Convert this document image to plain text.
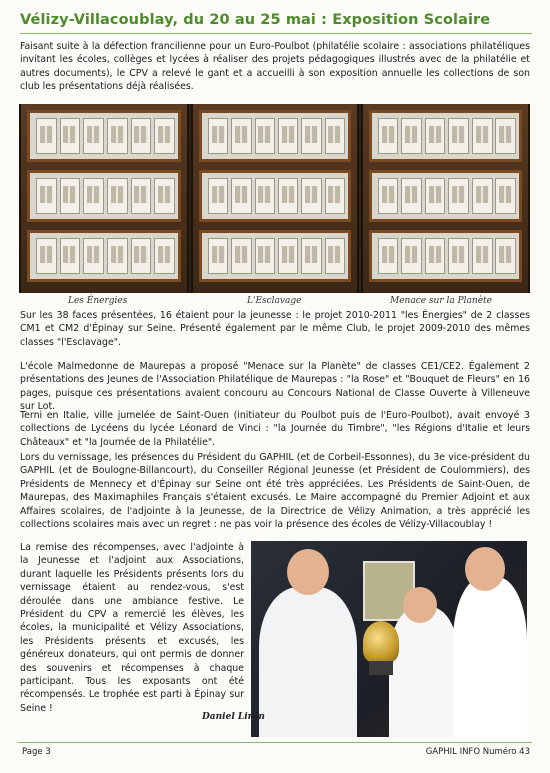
Vélizy-Villacoublay, du 20 au 25 mai : Exposition Scolaire

Faisant suite à la défection francilienne pour un Euro-Poulbot (philatélie scolaire : associations philatéliques invitant les écoles, collèges et lycées à réaliser des projets pédagogiques illustrés avec de la philatélie et autres documents), le CPV a relevé le gant et a accueilli à son exposition annuelle les collections de son club les présentations déjà réalisées.

Les Énergies	L'Esclavage	Menace sur la Planète

Sur les 38 faces présentées, 16 étaient pour la jeunesse : le projet 2010-2011 "les Énergies" de 2 classes CM1 et CM2 d'Épinay sur Seine. Présenté également par le même Club, le projet 2009-2010 des mêmes classes "l'Esclavage".

L'école Malmedonne de Maurepas a proposé "Menace sur la Planète" de classes CE1/CE2. Également 2 présentations des Jeunes de l'Association Philatélique de Maurepas : "la Rose" et "Bouquet de Fleurs" en 16 pages, puisque ces présentations avaient concouru au Concours National de Classe Ouverte à Villeneuve sur Lot.

Terni en Italie, ville jumelée de Saint-Ouen (initiateur du Poulbot puis de l'Euro-Poulbot), avait envoyé 3 collections de Lycéens du lycée Léonard de Vinci : "la Journée du Timbre", "les Régions d'Italie et leurs Châteaux" et "la Journée de la Philatélie".

Lors du vernissage, les présences du Président du GAPHIL (et de Corbeil-Essonnes), du 3e vice-président du GAPHIL (et de Boulogne-Billancourt), du Conseiller Régional Jeunesse (et Président de Coulommiers), des Présidents de Mennecy et d'Épinay sur Seine ont été très appréciées. Les Présidents de Saint-Ouen, de Maurepas, des Maximaphiles Français s'étaient excusés. Le Maire accompagné du Premier Adjoint et aux Affaires scolaires, de l'adjointe à la Jeunesse, de la Directrice de Vélizy Animation, a très apprécié les collections scolaires mais avec un regret : ne pas voir la présence des écoles de Vélizy-Villacoublay !

La remise des récompenses, avec l'adjointe à la Jeunesse et l'adjoint aux Associations, durant laquelle les Présidents présents lors du vernissage étaient au rendez-vous, s'est déroulée dans une ambiance festive. Le Président du CPV a remercié les élèves, les écoles, la municipalité et Vélizy Associations, les Présidents présents et excusés, les généreux donateurs, qui ont permis de donner des souvenirs et récompenses à chaque participant. Tous les exposants ont été récompensés. Le trophée est parti à Épinay sur Seine !

Daniel Liron

Page 3	GAPHIL INFO Numéro 43
